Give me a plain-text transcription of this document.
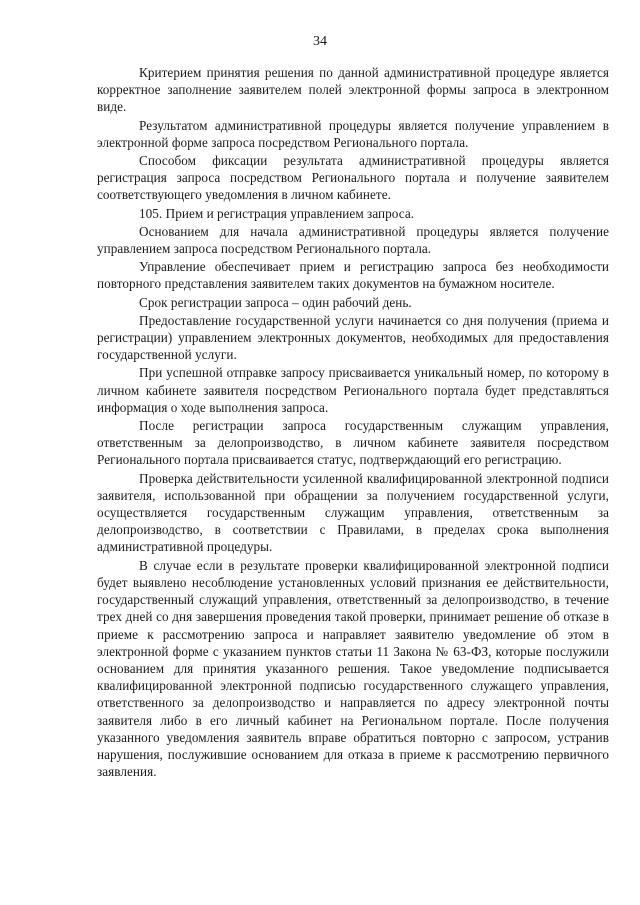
34

Критерием принятия решения по данной административной процедуре является корректное заполнение заявителем полей электронной формы запроса в электронном виде.

Результатом административной процедуры является получение управлением в электронной форме запроса посредством Регионального портала.

Способом фиксации результата административной процедуры является регистрация запроса посредством Регионального портала и получение заявителем соответствующего уведомления в личном кабинете.

105. Прием и регистрация управлением запроса.

Основанием для начала административной процедуры является получение управлением запроса посредством Регионального портала.

Управление обеспечивает прием и регистрацию запроса без необходимости повторного представления заявителем таких документов на бумажном носителе.

Срок регистрации запроса – один рабочий день.

Предоставление государственной услуги начинается со дня получения (приема и регистрации) управлением электронных документов, необходимых для предоставления государственной услуги.

При успешной отправке запросу присваивается уникальный номер, по которому в личном кабинете заявителя посредством Регионального портала будет представляться информация о ходе выполнения запроса.

После регистрации запроса государственным служащим управления, ответственным за делопроизводство, в личном кабинете заявителя посредством Регионального портала присваивается статус, подтверждающий его регистрацию.

Проверка действительности усиленной квалифицированной электронной подписи заявителя, использованной при обращении за получением государственной услуги, осуществляется государственным служащим управления, ответственным за делопроизводство, в соответствии с Правилами, в пределах срока выполнения административной процедуры.

В случае если в результате проверки квалифицированной электронной подписи будет выявлено несоблюдение установленных условий признания ее действительности, государственный служащий управления, ответственный за делопроизводство, в течение трех дней со дня завершения проведения такой проверки, принимает решение об отказе в приеме к рассмотрению запроса и направляет заявителю уведомление об этом в электронной форме с указанием пунктов статьи 11 Закона № 63-ФЗ, которые послужили основанием для принятия указанного решения. Такое уведомление подписывается квалифицированной электронной подписью государственного служащего управления, ответственного за делопроизводство и направляется по адресу электронной почты заявителя либо в его личный кабинет на Региональном портале. После получения указанного уведомления заявитель вправе обратиться повторно с запросом, устранив нарушения, послужившие основанием для отказа в приеме к рассмотрению первичного заявления.
